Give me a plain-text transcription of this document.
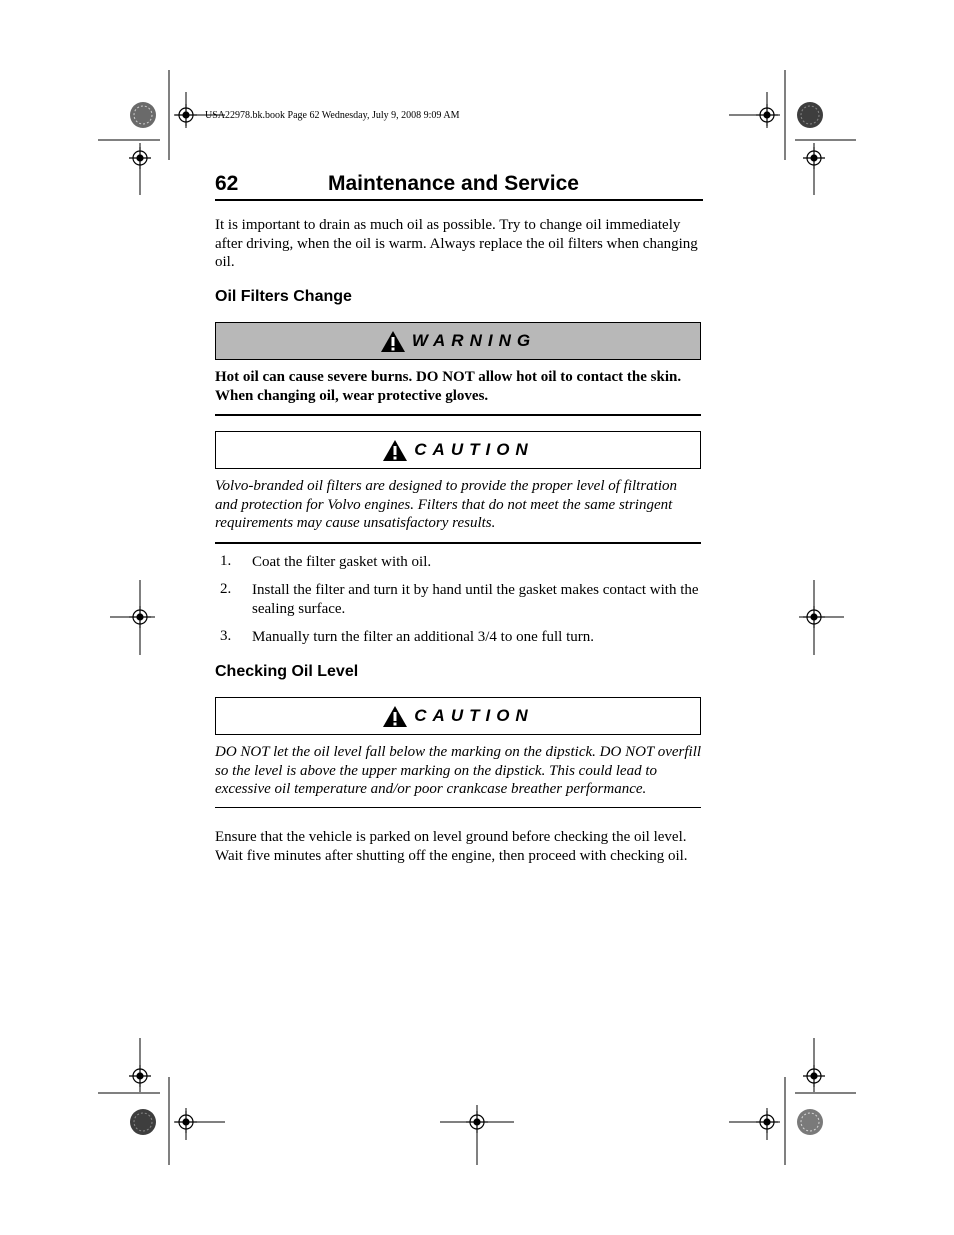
USA22978.bk.book Page 62 Wednesday, July 9, 2008 9:09 AM
62	Maintenance and Service
It is important to drain as much oil as possible. Try to change oil immediately after driving, when the oil is warm. Always replace the oil filters when changing oil.
Oil Filters Change
WARNING
Hot oil can cause severe burns. DO NOT allow hot oil to contact the skin. When changing oil, wear protective gloves.
CAUTION
Volvo-branded oil filters are designed to provide the proper level of filtration and protection for Volvo engines. Filters that do not meet the same stringent requirements may cause unsatisfactory results.
1. Coat the filter gasket with oil.
2. Install the filter and turn it by hand until the gasket makes contact with the sealing surface.
3. Manually turn the filter an additional 3/4 to one full turn.
Checking Oil Level
CAUTION
DO NOT let the oil level fall below the marking on the dipstick. DO NOT overfill so the level is above the upper marking on the dipstick. This could lead to excessive oil temperature and/or poor crankcase breather performance.
Ensure that the vehicle is parked on level ground before checking the oil level. Wait five minutes after shutting off the engine, then proceed with checking oil.
